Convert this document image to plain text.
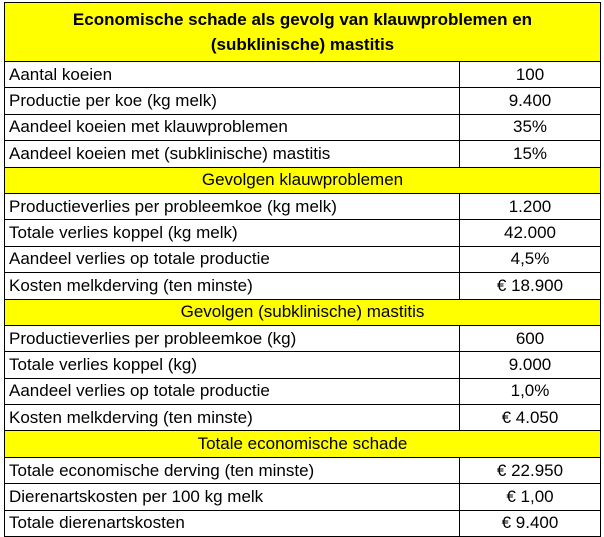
Economische schade als gevolg van klauwproblemen en (subklinische) mastitis	
Aantal koeien	100
Productie per koe (kg melk)	9.400
Aandeel koeien met klauwproblemen	35%
Aandeel koeien met (subklinische) mastitis	15%
Gevolgen klauwproblemen	
Productieverlies per probleemkoe (kg melk)	1.200
Totale verlies koppel (kg melk)	42.000
Aandeel verlies op totale productie	4,5%
Kosten melkderving (ten minste)	€ 18.900
Gevolgen (subklinische) mastitis	
Productieverlies per probleemkoe (kg)	600
Totale verlies koppel (kg)	9.000
Aandeel verlies op totale productie	1,0%
Kosten melkderving (ten minste)	€ 4.050
Totale economische schade	
Totale economische derving (ten minste)	€ 22.950
Dierenartskosten per 100 kg melk	€ 1,00
Totale dierenartskosten	€ 9.400
